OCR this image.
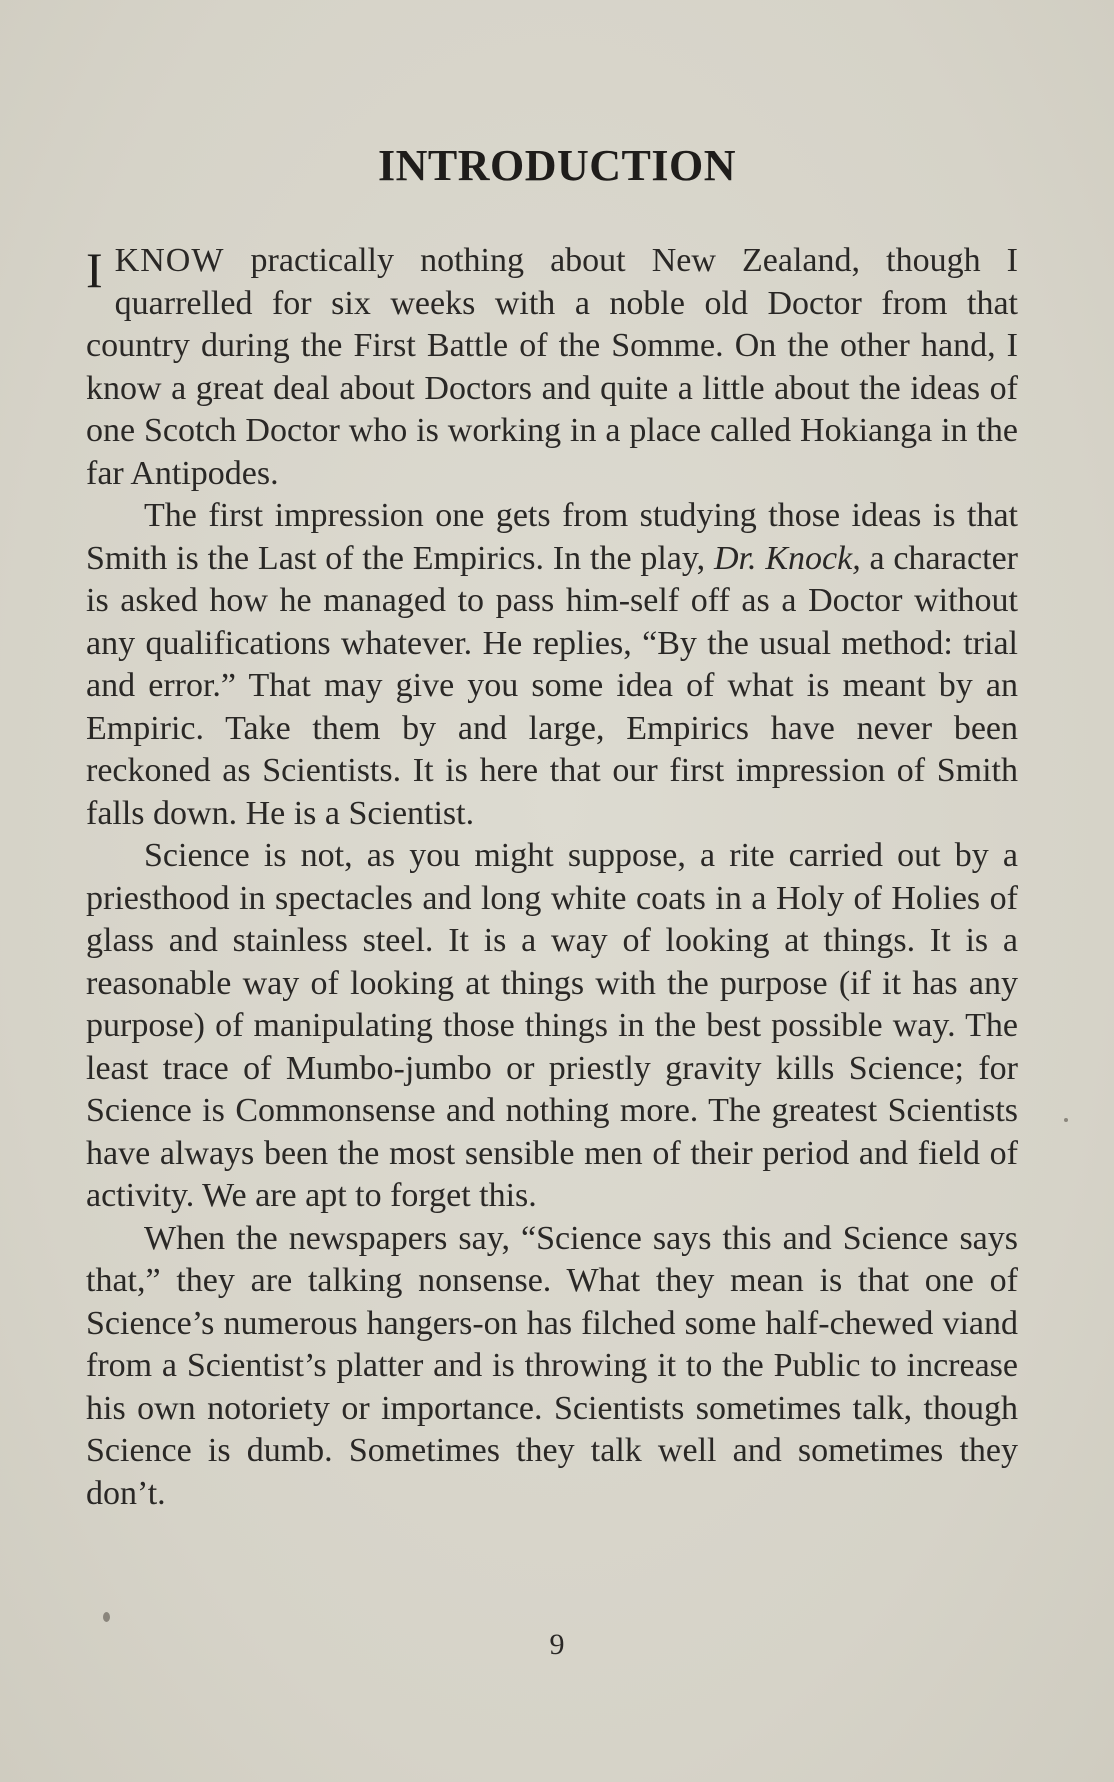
INTRODUCTION

I KNOW practically nothing about New Zealand, though I quarrelled for six weeks with a noble old Doctor from that country during the First Battle of the Somme. On the other hand, I know a great deal about Doctors and quite a little about the ideas of one Scotch Doctor who is working in a place called Hokianga in the far Antipodes.

The first impression one gets from studying those ideas is that Smith is the Last of the Empirics. In the play, Dr. Knock, a character is asked how he managed to pass him-self off as a Doctor without any qualifications whatever. He replies, “By the usual method: trial and error.” That may give you some idea of what is meant by an Empiric. Take them by and large, Empirics have never been reckoned as Scientists. It is here that our first impression of Smith falls down. He is a Scientist.

Science is not, as you might suppose, a rite carried out by a priesthood in spectacles and long white coats in a Holy of Holies of glass and stainless steel. It is a way of looking at things. It is a reasonable way of looking at things with the purpose (if it has any purpose) of manipulating those things in the best possible way. The least trace of Mumbo-jumbo or priestly gravity kills Science; for Science is Commonsense and nothing more. The greatest Scientists have always been the most sensible men of their period and field of activity. We are apt to forget this.

When the newspapers say, “Science says this and Science says that,” they are talking nonsense. What they mean is that one of Science’s numerous hangers-on has filched some half-chewed viand from a Scientist’s platter and is throwing it to the Public to increase his own notoriety or importance. Scientists sometimes talk, though Science is dumb. Sometimes they talk well and sometimes they don’t.

9
